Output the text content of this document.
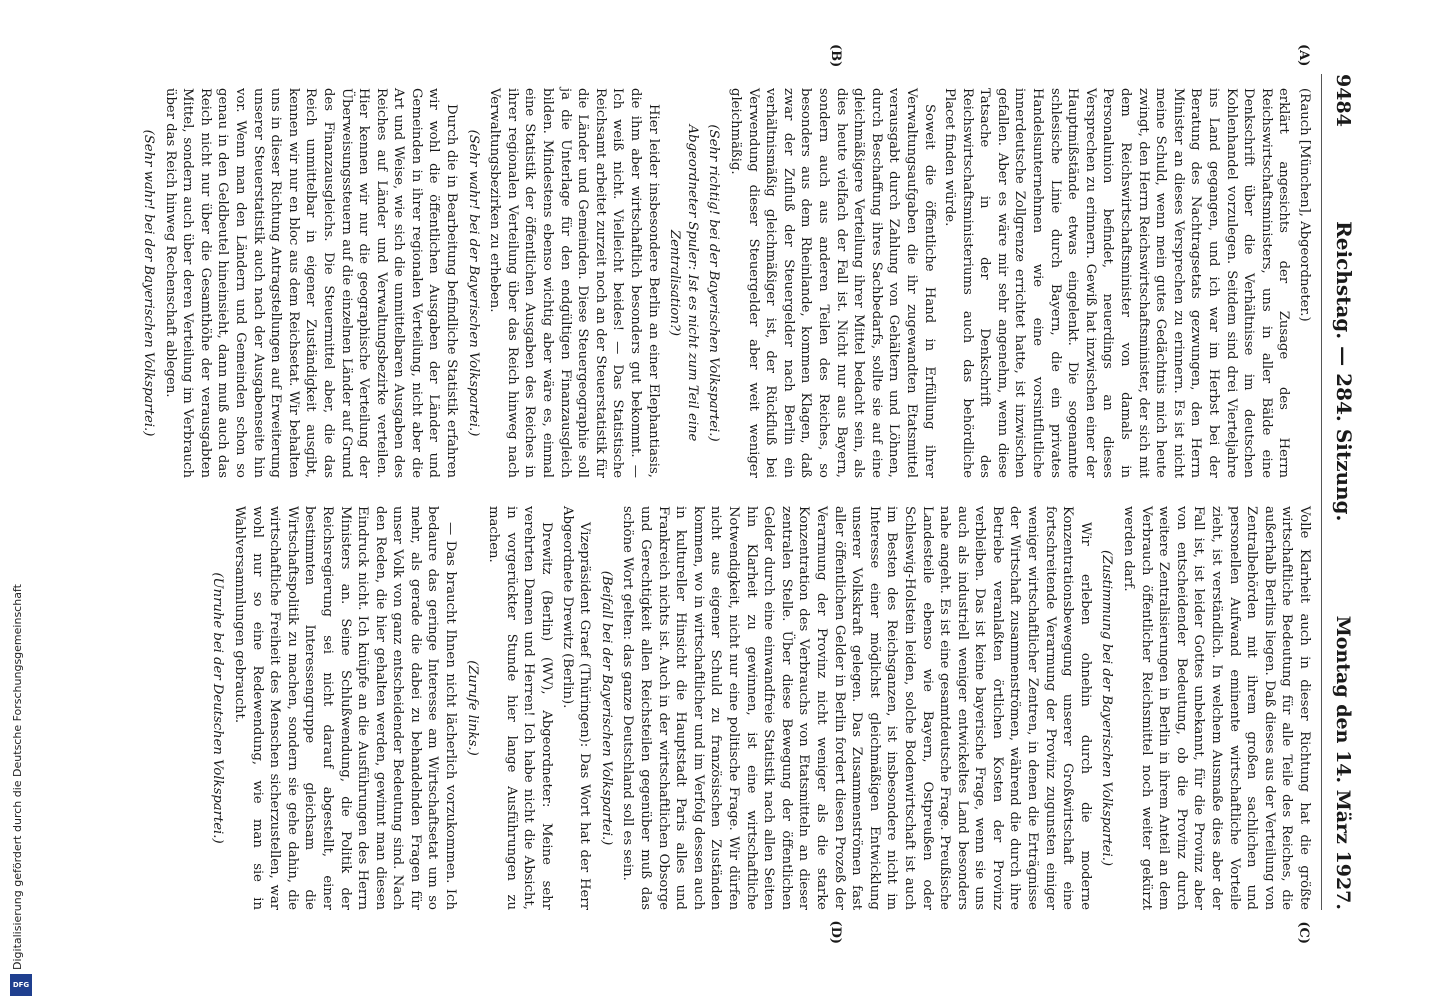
9484
Reichstag. — 284. Sitzung.
Montag den 14. März 1927.
(A)
(B)
(C)
(D)

(Rauch [München], Abgeordneter.)

erklärt angesichts der Zusage des Herrn Reichswirtschaftsministers, uns in aller Bälde eine Denkschrift über die Verhältnisse im deutschen Kohlenhandel vorzulegen. Seitdem sind drei Vierteljahre ins Land gegangen, und ich war im Herbst bei der Beratung des Nachtragsetats gezwungen, den Herrn Minister an dieses Versprechen zu erinnern. Es ist nicht meine Schuld, wenn mein gutes Gedächtnis mich heute zwingt, den Herrn Reichswirtschaftsminister, der sich mit dem Reichswirtschaftsminister von damals in Personalunion befindet, neuerdings an dieses Versprechen zu erinnern. Gewiß hat inzwischen einer der Hauptmißstände etwas eingelenkt. Die sogenannte schlesische Linie durch Bayern, die ein privates Handelsunternehmen wie eine vorsintflutliche innerdeutsche Zollgrenze errichtet hatte, ist inzwischen gefallen. Aber es wäre mir sehr angenehm, wenn diese Tatsache in der Denkschrift des Reichswirtschaftsministeriums auch das behördliche Placet finden würde.

Soweit die öffentliche Hand in Erfüllung ihrer Verwaltungsaufgaben die ihr zugewandten Etatsmittel verausgabt durch Zahlung von Gehältern und Löhnen, durch Beschaffung ihres Sachbedarfs, sollte sie auf eine gleichmäßigere Verteilung ihrer Mittel bedacht sein, als dies heute vielfach der Fall ist. Nicht nur aus Bayern, sondern auch aus anderen Teilen des Reiches, so besonders aus dem Rheinlande, kommen Klagen, daß zwar der Zufluß der Steuergelder nach Berlin ein verhältnismäßig gleichmäßiger ist, der Rückfluß bei Verwendung dieser Steuergelder aber weit weniger gleichmäßig.

(Sehr richtig! bei der Bayerischen Volkspartei.)

Abgeordneter Spuler: Ist es nicht zum Teil eine Zentralisation?)

Hier leider insbesondere Berlin an einer Elephantiasis, die ihm aber wirtschaftlich besonders gut bekommt. — Ich weiß nicht. Vielleicht beides! — Das Statistische Reichsamt arbeitet zurzeit noch an der Steuerstatistik für die Länder und Gemeinden. Diese Steuergeographie soll ja die Unterlage für den endgültigen Finanzausgleich bilden. Mindestens ebenso wichtig aber wäre es, einmal eine Statistik der öffentlichen Ausgaben des Reiches in ihrer regionalen Verteilung über das Reich hinweg nach Verwaltungsbezirken zu erheben.

(Sehr wahr! bei der Bayerischen Volkspartei.)

Durch die in Bearbeitung befindliche Statistik erfahren wir wohl die öffentlichen Ausgaben der Länder und Gemeinden in ihrer regionalen Verteilung, nicht aber die Art und Weise, wie sich die unmittelbaren Ausgaben des Reiches auf Länder und Verwaltungsbezirke verteilen. Hier kennen wir nur die geographische Verteilung der Überweisungssteuern auf die einzelnen Länder auf Grund des Finanzausgleichs. Die Steuermittel aber, die das Reich unmittelbar in eigener Zuständigkeit ausgibt, kennen wir nur en bloc aus dem Reichsetat. Wir behalten uns in dieser Richtung Antragstellungen auf Erweiterung unserer Steuerstatistik auch nach der Ausgabenseite hin vor. Wenn man den Ländern und Gemeinden schon so genau in den Geldbeutel hineinsieht, dann muß auch das Reich nicht nur über die Gesamthöhe der verausgabten Mittel, sondern auch über deren Verteilung im Verbrauch über das Reich hinweg Rechenschaft ablegen.

(Sehr wahr! bei der Bayerischen Volkspartei.)

Volle Klarheit auch in dieser Richtung hat die größte wirtschaftliche Bedeutung für alle Teile des Reiches, die außerhalb Berlins liegen. Daß dieses aus der Verteilung von Zentralbehörden mit ihrem großen sachlichen und personellen Aufwand eminente wirtschaftliche Vorteile zieht, ist verständlich. In welchem Ausmaße dies aber der Fall ist, ist leider Gottes unbekannt, für die Provinz aber von entscheidender Bedeutung, ob die Provinz durch weitere Zentralisierungen in Berlin in ihrem Anteil an dem Verbrauch öffentlicher Reichsmittel noch weiter gekürzt werden darf.

(Zustimmung bei der Bayerischen Volkspartei.)

Wir erleben ohnehin durch die moderne Konzentrationsbewegung unserer Großwirtschaft eine fortschreitende Verarmung der Provinz zugunsten einiger weniger wirtschaftlicher Zentren, in denen die Erträgnisse der Wirtschaft zusammenströmen, während die durch ihre Betriebe veranlaßten örtlichen Kosten der Provinz verbleiben. Das ist keine bayerische Frage, wenn sie uns auch als industriell weniger entwickeltes Land besonders nahe angeht. Es ist eine gesamtdeutsche Frage. Preußische Landesteile ebenso wie Bayern, Ostpreußen oder Schleswig-Holstein leiden, solche Bodenwirtschaft ist auch im Besten des Reichsganzen, ist insbesondere nicht im Interesse einer möglichst gleichmäßigen Entwicklung unserer Volkskraft gelegen. Das Zusammenströmen fast aller öffentlichen Gelder in Berlin fordert diesen Prozeß der Verarmung der Provinz nicht weniger als die starke Konzentration des Verbrauchs von Etatsmitteln an dieser zentralen Stelle. Über diese Bewegung der öffentlichen Gelder durch eine einwandfreie Statistik nach allen Seiten hin Klarheit zu gewinnen, ist eine wirtschaftliche Notwendigkeit, nicht nur eine politische Frage. Wir dürfen nicht aus eigener Schuld zu französischen Zuständen kommen, wo in wirtschaftlicher und im Verfolg dessen auch in kultureller Hinsicht die Hauptstadt Paris alles und Frankreich nichts ist. Auch in der wirtschaftlichen Obsorge und Gerechtigkeit allen Reichsteilen gegenüber muß das schöne Wort gelten: das ganze Deutschland soll es sein.

(Beifall bei der Bayerischen Volkspartei.)

Vizepräsident Graef (Thüringen): Das Wort hat der Herr Abgeordnete Drewitz (Berlin).

Drewitz (Berlin) (WV), Abgeordneter: Meine sehr verehrten Damen und Herren! Ich habe nicht die Absicht, in vorgerückter Stunde hier lange Ausführungen zu machen.

(Zurufe links.)

— Das braucht Ihnen nicht lächerlich vorzukommen. Ich bedaure das geringe Interesse am Wirtschaftsetat um so mehr, als gerade die dabei zu behandelnden Fragen für unser Volk von ganz entscheidender Bedeutung sind. Nach den Reden, die hier gehalten werden, gewinnt man diesen Eindruck nicht. Ich knüpfe an die Ausführungen des Herrn Ministers an. Seine Schlußwendung, die Politik der Reichsregierung sei nicht darauf abgestellt, einer bestimmten Interessengruppe gleichsam die Wirtschaftspolitik zu machen, sondern sie gehe dahin, die wirtschaftliche Freiheit des Menschen sicherzustellen, war wohl nur so eine Redewendung, wie man sie in Wahlversammlungen gebraucht.

(Unruhe bei der Deutschen Volkspartei.)

Digitalisierung gefördert durch die Deutsche Forschungsgemeinschaft
DFG
